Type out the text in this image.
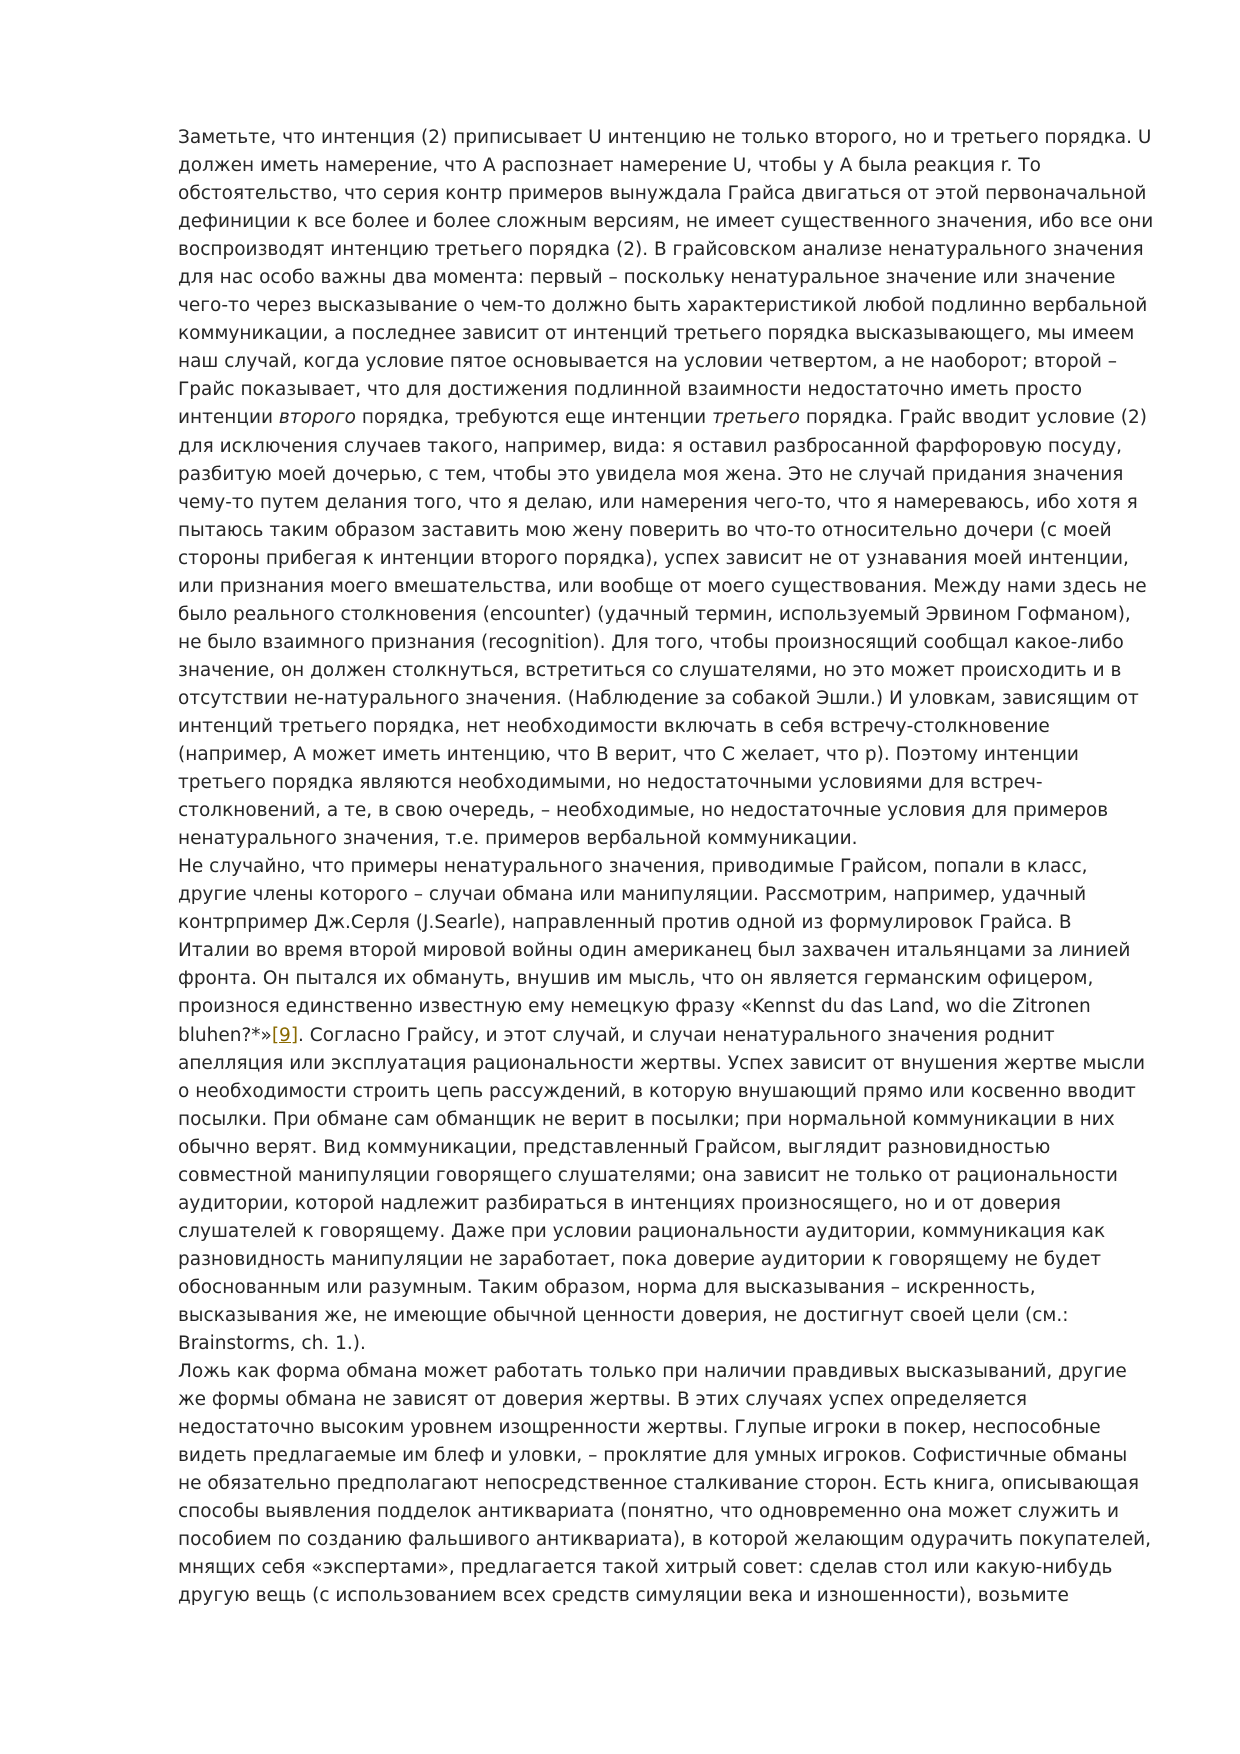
Заметьте, что интенция (2) приписывает U интенцию не только второго, но и третьего порядка. U
должен иметь намерение, что А распознает намерение U, чтобы у А была реакция r. То
обстоятельство, что серия контр примеров вынуждала Грайса двигаться от этой первоначальной
дефиниции к все более и более сложным версиям, не имеет существенного значения, ибо все они
воспроизводят интенцию третьего порядка (2). В грайсовском анализе ненатурального значения
для нас особо важны два момента: первый – поскольку ненатуральное значение или значение
чего-то через высказывание о чем-то должно быть характеристикой любой подлинно вербальной
коммуникации, а последнее зависит от интенций третьего порядка высказывающего, мы имеем
наш случай, когда условие пятое основывается на условии четвертом, а не наоборот; второй –
Грайс показывает, что для достижения подлинной взаимности недостаточно иметь просто
интенции второго порядка, требуются еще интенции третьего порядка. Грайс вводит условие (2)
для исключения случаев такого, например, вида: я оставил разбросанной фарфоровую посуду,
разбитую моей дочерью, с тем, чтобы это увидела моя жена. Это не случай придания значения
чему-то путем делания того, что я делаю, или намерения чего-то, что я намереваюсь, ибо хотя я
пытаюсь таким образом заставить мою жену поверить во что-то относительно дочери (с моей
стороны прибегая к интенции второго порядка), успех зависит не от узнавания моей интенции,
или признания моего вмешательства, или вообще от моего существования. Между нами здесь не
было реального столкновения (encounter) (удачный термин, используемый Эрвином Гофманом),
не было взаимного признания (recognition). Для того, чтобы произносящий сообщал какое-либо
значение, он должен столкнуться, встретиться со слушателями, но это может происходить и в
отсутствии не-натурального значения. (Наблюдение за собакой Эшли.) И уловкам, зависящим от
интенций третьего порядка, нет необходимости включать в себя встречу-столкновение
(например, А может иметь интенцию, что В верит, что С желает, что р). Поэтому интенции
третьего порядка являются необходимыми, но недостаточными условиями для встреч-
столкновений, а те, в свою очередь, – необходимые, но недостаточные условия для примеров
ненатурального значения, т.е. примеров вербальной коммуникации.
Не случайно, что примеры ненатурального значения, приводимые Грайсом, попали в класс,
другие члены которого – случаи обмана или манипуляции. Рассмотрим, например, удачный
контрпример Дж.Серля (J.Searle), направленный против одной из формулировок Грайса. В
Италии во время второй мировой войны один американец был захвачен итальянцами за линией
фронта. Он пытался их обмануть, внушив им мысль, что он является германским офицером,
произнося единственно известную ему немецкую фразу «Kennst du das Land, wo die Zitronen
bluhen?*»[9]. Согласно Грайсу, и этот случай, и случаи ненатурального значения роднит
апелляция или эксплуатация рациональности жертвы. Успех зависит от внушения жертве мысли
о необходимости строить цепь рассуждений, в которую внушающий прямо или косвенно вводит
посылки. При обмане сам обманщик не верит в посылки; при нормальной коммуникации в них
обычно верят. Вид коммуникации, представленный Грайсом, выглядит разновидностью
совместной манипуляции говорящего слушателями; она зависит не только от рациональности
аудитории, которой надлежит разбираться в интенциях произносящего, но и от доверия
слушателей к говорящему. Даже при условии рациональности аудитории, коммуникация как
разновидность манипуляции не заработает, пока доверие аудитории к говорящему не будет
обоснованным или разумным. Таким образом, норма для высказывания – искренность,
высказывания же, не имеющие обычной ценности доверия, не достигнут своей цели (см.:
Brainstorms, ch. 1.).
Ложь как форма обмана может работать только при наличии правдивых высказываний, другие
же формы обмана не зависят от доверия жертвы. В этих случаях успех определяется
недостаточно высоким уровнем изощренности жертвы. Глупые игроки в покер, неспособные
видеть предлагаемые им блеф и уловки, – проклятие для умных игроков. Софистичные обманы
не обязательно предполагают непосредственное сталкивание сторон. Есть книга, описывающая
способы выявления подделок антиквариата (понятно, что одновременно она может служить и
пособием по созданию фальшивого антиквариата), в которой желающим одурачить покупателей,
мнящих себя «экспертами», предлагается такой хитрый совет: сделав стол или какую-нибудь
другую вещь (с использованием всех средств симуляции века и изношенности), возьмите
